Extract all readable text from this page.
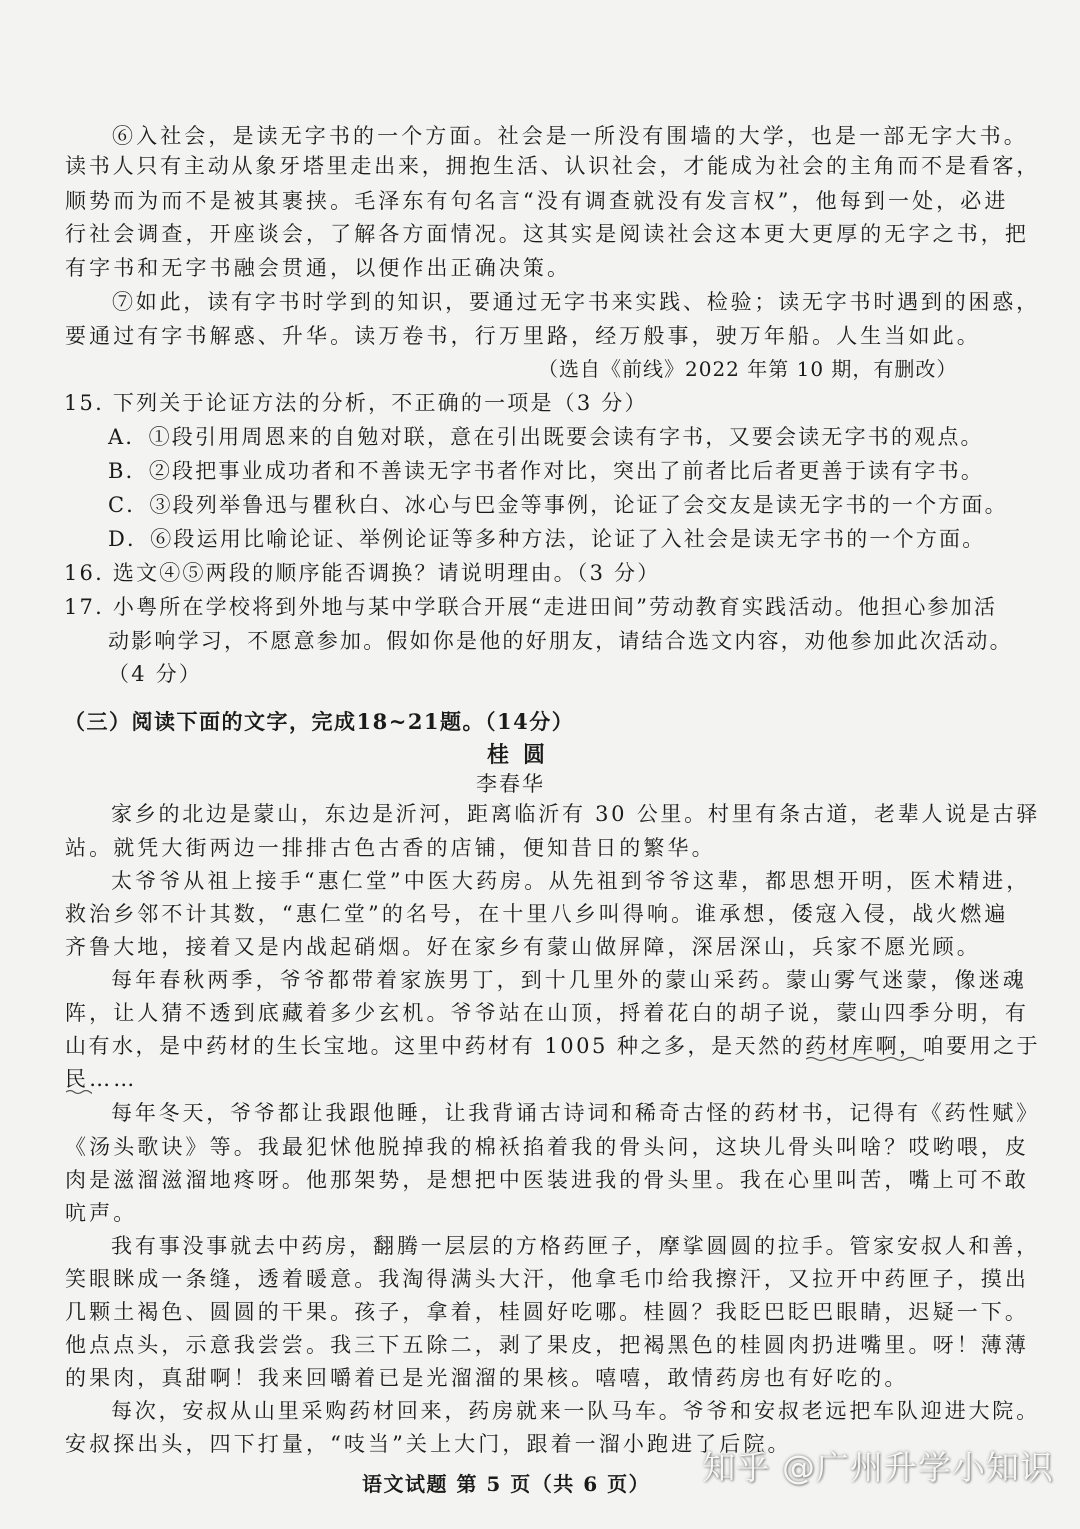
⑥入社会，是读无字书的一个方面。社会是一所没有围墙的大学，也是一部无字大书。
读书人只有主动从象牙塔里走出来，拥抱生活、认识社会，才能成为社会的主角而不是看客，
顺势而为而不是被其裹挟。毛泽东有句名言“没有调查就没有发言权”，他每到一处，必进
行社会调查，开座谈会，了解各方面情况。这其实是阅读社会这本更大更厚的无字之书，把
有字书和无字书融会贯通，以便作出正确决策。
⑦如此，读有字书时学到的知识，要通过无字书来实践、检验；读无字书时遇到的困惑，
要通过有字书解惑、升华。读万卷书，行万里路，经万般事，驶万年船。人生当如此。
（选自《前线》2022 年第 10 期，有删改）
15. 下列关于论证方法的分析，不正确的一项是（3 分）
A．①段引用周恩来的自勉对联，意在引出既要会读有字书，又要会读无字书的观点。
B．②段把事业成功者和不善读无字书者作对比，突出了前者比后者更善于读有字书。
C．③段列举鲁迅与瞿秋白、冰心与巴金等事例，论证了会交友是读无字书的一个方面。
D．⑥段运用比喻论证、举例论证等多种方法，论证了入社会是读无字书的一个方面。
16. 选文④⑤两段的顺序能否调换？请说明理由。（3 分）
17. 小粤所在学校将到外地与某中学联合开展“走进田间”劳动教育实践活动。他担心参加活
动影响学习，不愿意参加。假如你是他的好朋友，请结合选文内容，劝他参加此次活动。
（4 分）
（三）阅读下面的文字，完成18~21题。（14分）
桂圆
李春华
家乡的北边是蒙山，东边是沂河，距离临沂有 30 公里。村里有条古道，老辈人说是古驿
站。就凭大街两边一排排古色古香的店铺，便知昔日的繁华。
太爷爷从祖上接手“惠仁堂”中医大药房。从先祖到爷爷这辈，都思想开明，医术精进，
救治乡邻不计其数，“惠仁堂”的名号，在十里八乡叫得响。谁承想，倭寇入侵，战火燃遍
齐鲁大地，接着又是内战起硝烟。好在家乡有蒙山做屏障，深居深山，兵家不愿光顾。
每年春秋两季，爷爷都带着家族男丁，到十几里外的蒙山采药。蒙山雾气迷蒙，像迷魂
阵，让人猜不透到底藏着多少玄机。爷爷站在山顶，捋着花白的胡子说，蒙山四季分明，有
山有水，是中药材的生长宝地。这里中药材有 1005 种之多，是天然的药材库啊，咱要用之于
民……
每年冬天，爷爷都让我跟他睡，让我背诵古诗词和稀奇古怪的药材书，记得有《药性赋》
《汤头歌诀》等。我最犯怵他脱掉我的棉袄掐着我的骨头问，这块儿骨头叫啥？哎哟喂，皮
肉是滋溜滋溜地疼呀。他那架势，是想把中医装进我的骨头里。我在心里叫苦，嘴上可不敢
吭声。
我有事没事就去中药房，翻腾一层层的方格药匣子，摩挲圆圆的拉手。管家安叔人和善，
笑眼眯成一条缝，透着暖意。我淘得满头大汗，他拿毛巾给我擦汗，又拉开中药匣子，摸出
几颗土褐色、圆圆的干果。孩子，拿着，桂圆好吃哪。桂圆？我眨巴眨巴眼睛，迟疑一下。
他点点头，示意我尝尝。我三下五除二，剥了果皮，把褐黑色的桂圆肉扔进嘴里。呀！薄薄
的果肉，真甜啊！我来回嚼着已是光溜溜的果核。嘻嘻，敢情药房也有好吃的。
每次，安叔从山里采购药材回来，药房就来一队马车。爷爷和安叔老远把车队迎进大院。
安叔探出头，四下打量，“吱当”关上大门，跟着一溜小跑进了后院。
语文试题 第 5 页（共 6 页） 知乎 @广州升学小知识
